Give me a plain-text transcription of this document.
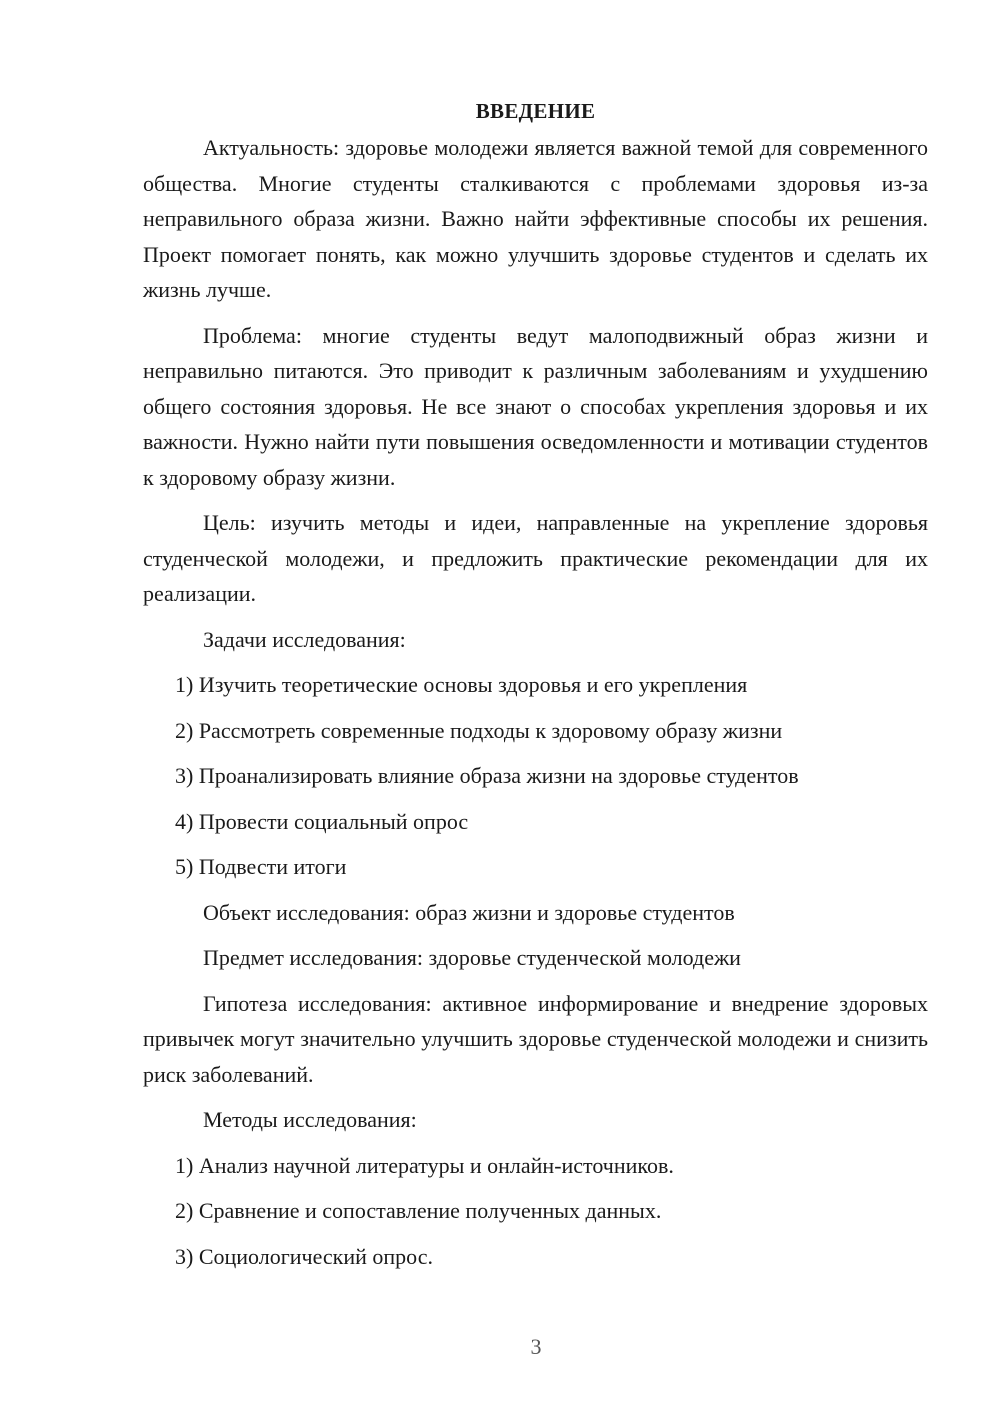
ВВЕДЕНИЕ

Актуальность: здоровье молодежи является важной темой для современного общества. Многие студенты сталкиваются с проблемами здоровья из-за неправильного образа жизни. Важно найти эффективные способы их решения. Проект помогает понять, как можно улучшить здоровье студентов и сделать их жизнь лучше.

Проблема: многие студенты ведут малоподвижный образ жизни и неправильно питаются. Это приводит к различным заболеваниям и ухудшению общего состояния здоровья. Не все знают о способах укрепления здоровья и их важности. Нужно найти пути повышения осведомленности и мотивации студентов к здоровому образу жизни.

Цель: изучить методы и идеи, направленные на укрепление здоровья студенческой молодежи, и предложить практические рекомендации для их реализации.

Задачи исследования:

1) Изучить теоретические основы здоровья и его укрепления

2) Рассмотреть современные подходы к здоровому образу жизни

3) Проанализировать влияние образа жизни на здоровье студентов

4) Провести социальный опрос

5) Подвести итоги

Объект исследования: образ жизни и здоровье студентов

Предмет исследования: здоровье студенческой молодежи

Гипотеза исследования: активное информирование и внедрение здоровых привычек могут значительно улучшить здоровье студенческой молодежи и снизить риск заболеваний.

Методы исследования:

1) Анализ научной литературы и онлайн-источников.

2) Сравнение и сопоставление полученных данных.

3) Социологический опрос.

3
